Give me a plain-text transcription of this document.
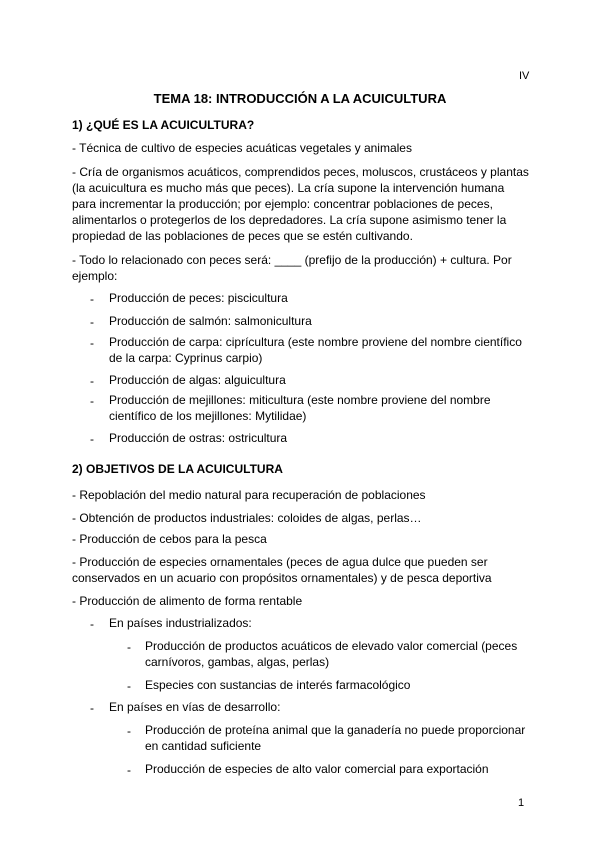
IV
TEMA 18: INTRODUCCIÓN A LA ACUICULTURA
1) ¿QUÉ ES LA ACUICULTURA?
- Técnica de cultivo de especies acuáticas vegetales y animales
- Cría de organismos acuáticos, comprendidos peces, moluscos, crustáceos y plantas (la acuicultura es mucho más que peces). La cría supone la intervención humana para incrementar la producción; por ejemplo: concentrar poblaciones de peces, alimentarlos o protegerlos de los depredadores. La cría supone asimismo tener la propiedad de las poblaciones de peces que se estén cultivando.
- Todo lo relacionado con peces será: ____ (prefijo de la producción) + cultura. Por ejemplo:
- Producción de peces: piscicultura
- Producción de salmón: salmonicultura
- Producción de carpa: ciprícultura (este nombre proviene del nombre científico de la carpa: Cyprinus carpio)
- Producción de algas: alguicultura
- Producción de mejillones: miticultura (este nombre proviene del nombre científico de los mejillones: Mytilidae)
- Producción de ostras: ostricultura
2) OBJETIVOS DE LA ACUICULTURA
- Repoblación del medio natural para recuperación de poblaciones
- Obtención de productos industriales: coloides de algas, perlas…
- Producción de cebos para la pesca
- Producción de especies ornamentales (peces de agua dulce que pueden ser conservados en un acuario con propósitos ornamentales) y de pesca deportiva
- Producción de alimento de forma rentable
- En países industrializados:
- Producción de productos acuáticos de elevado valor comercial (peces carnívoros, gambas, algas, perlas)
- Especies con sustancias de interés farmacológico
- En países en vías de desarrollo:
- Producción de proteína animal que la ganadería no puede proporcionar en cantidad suficiente
- Producción de especies de alto valor comercial para exportación
1
